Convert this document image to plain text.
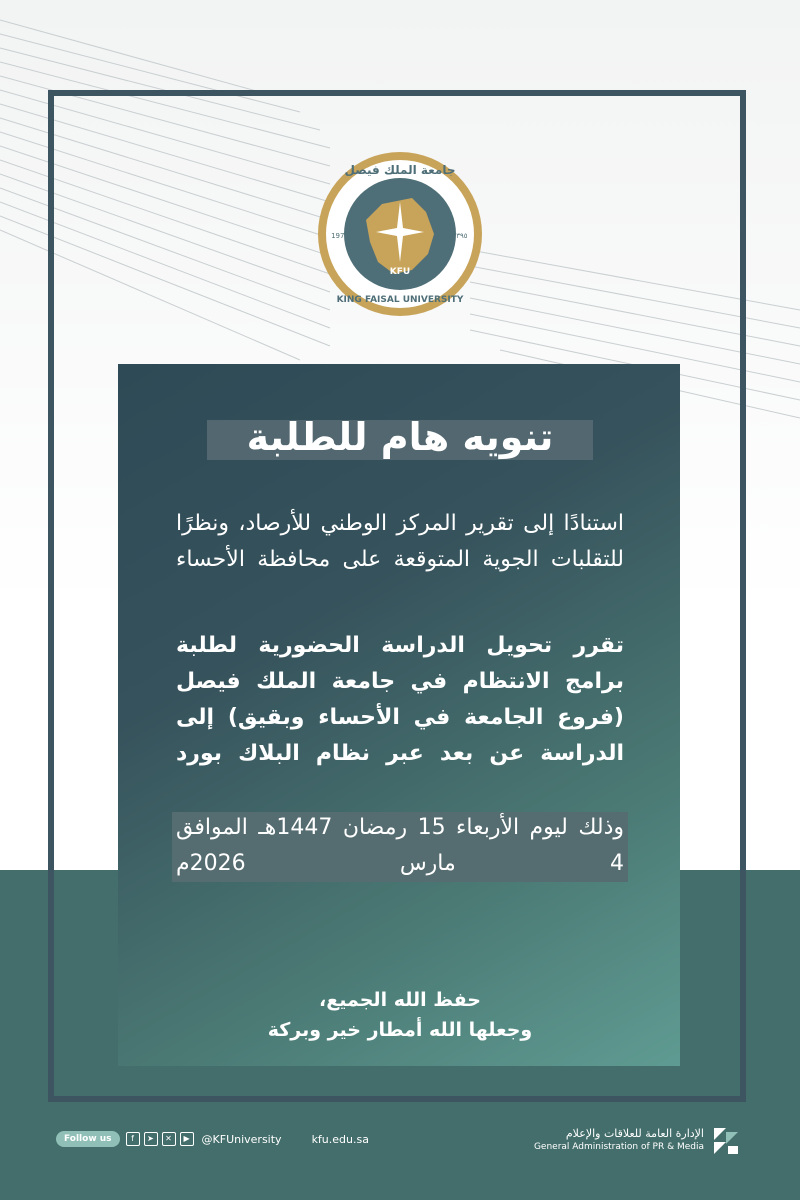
KFU
1975	١٣٩٥
جامعة الملك فيصل
KING FAISAL UNIVERSITY
تنويه هام للطلبة
استنادًا إلى تقرير المركز الوطني للأرصاد، ونظرًا للتقلبات الجوية المتوقعة على محافظة الأحساء
تقرر تحويل الدراسة الحضورية لطلبة برامج الانتظام في جامعة الملك فيصل (فروع الجامعة في الأحساء وبقيق) إلى الدراسة عن بعد عبر نظام البلاك بورد
وذلك ليوم الأربعاء 15 رمضان 1447هـ الموافق 4 مارس 2026م
حفظ الله الجميع،
وجعلها الله أمطار خير وبركة
Follow us	f	➤	✕	▶	@KFUniversity	kfu.edu.sa	الإدارة العامة للعلاقات والإعلام
General Administration of PR & Media
